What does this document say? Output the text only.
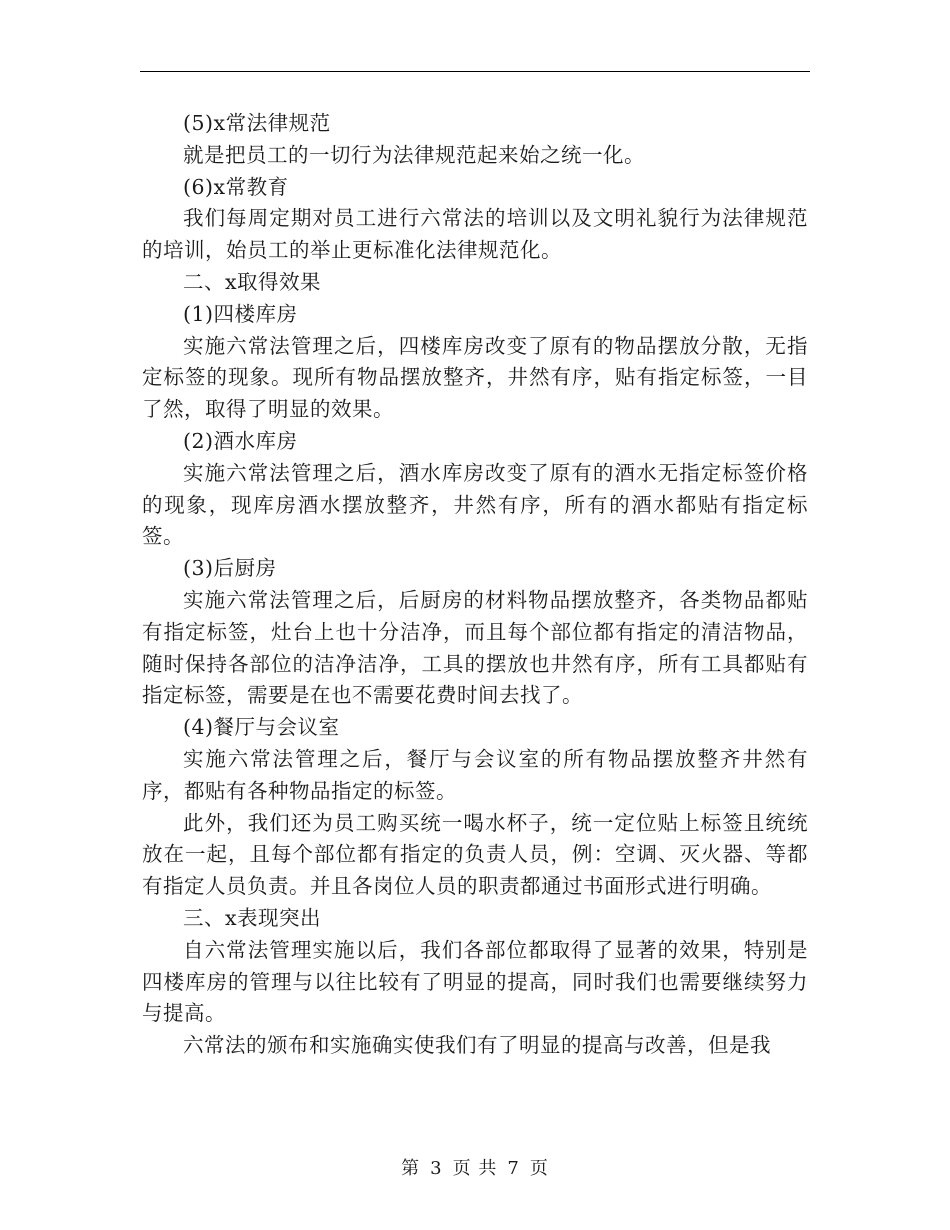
(5)x常法律规范

就是把员工的一切行为法律规范起来始之统一化。

(6)x常教育

我们每周定期对员工进行六常法的培训以及文明礼貌行为法律规范的培训，始员工的举止更标准化法律规范化。

二、x取得效果

(1)四楼库房

实施六常法管理之后，四楼库房改变了原有的物品摆放分散，无指定标签的现象。现所有物品摆放整齐，井然有序，贴有指定标签，一目了然，取得了明显的效果。

(2)酒水库房

实施六常法管理之后，酒水库房改变了原有的酒水无指定标签价格的现象，现库房酒水摆放整齐，井然有序，所有的酒水都贴有指定标签。

(3)后厨房

实施六常法管理之后，后厨房的材料物品摆放整齐，各类物品都贴有指定标签，灶台上也十分洁净，而且每个部位都有指定的清洁物品，随时保持各部位的洁净洁净，工具的摆放也井然有序，所有工具都贴有指定标签，需要是在也不需要花费时间去找了。

(4)餐厅与会议室

实施六常法管理之后，餐厅与会议室的所有物品摆放整齐井然有序，都贴有各种物品指定的标签。

此外，我们还为员工购买统一喝水杯子，统一定位贴上标签且统统放在一起，且每个部位都有指定的负责人员，例：空调、灭火器、等都有指定人员负责。并且各岗位人员的职责都通过书面形式进行明确。

三、x表现突出

自六常法管理实施以后，我们各部位都取得了显著的效果，特别是四楼库房的管理与以往比较有了明显的提高，同时我们也需要继续努力与提高。

六常法的颁布和实施确实使我们有了明显的提高与改善，但是我

第 3 页 共 7 页
